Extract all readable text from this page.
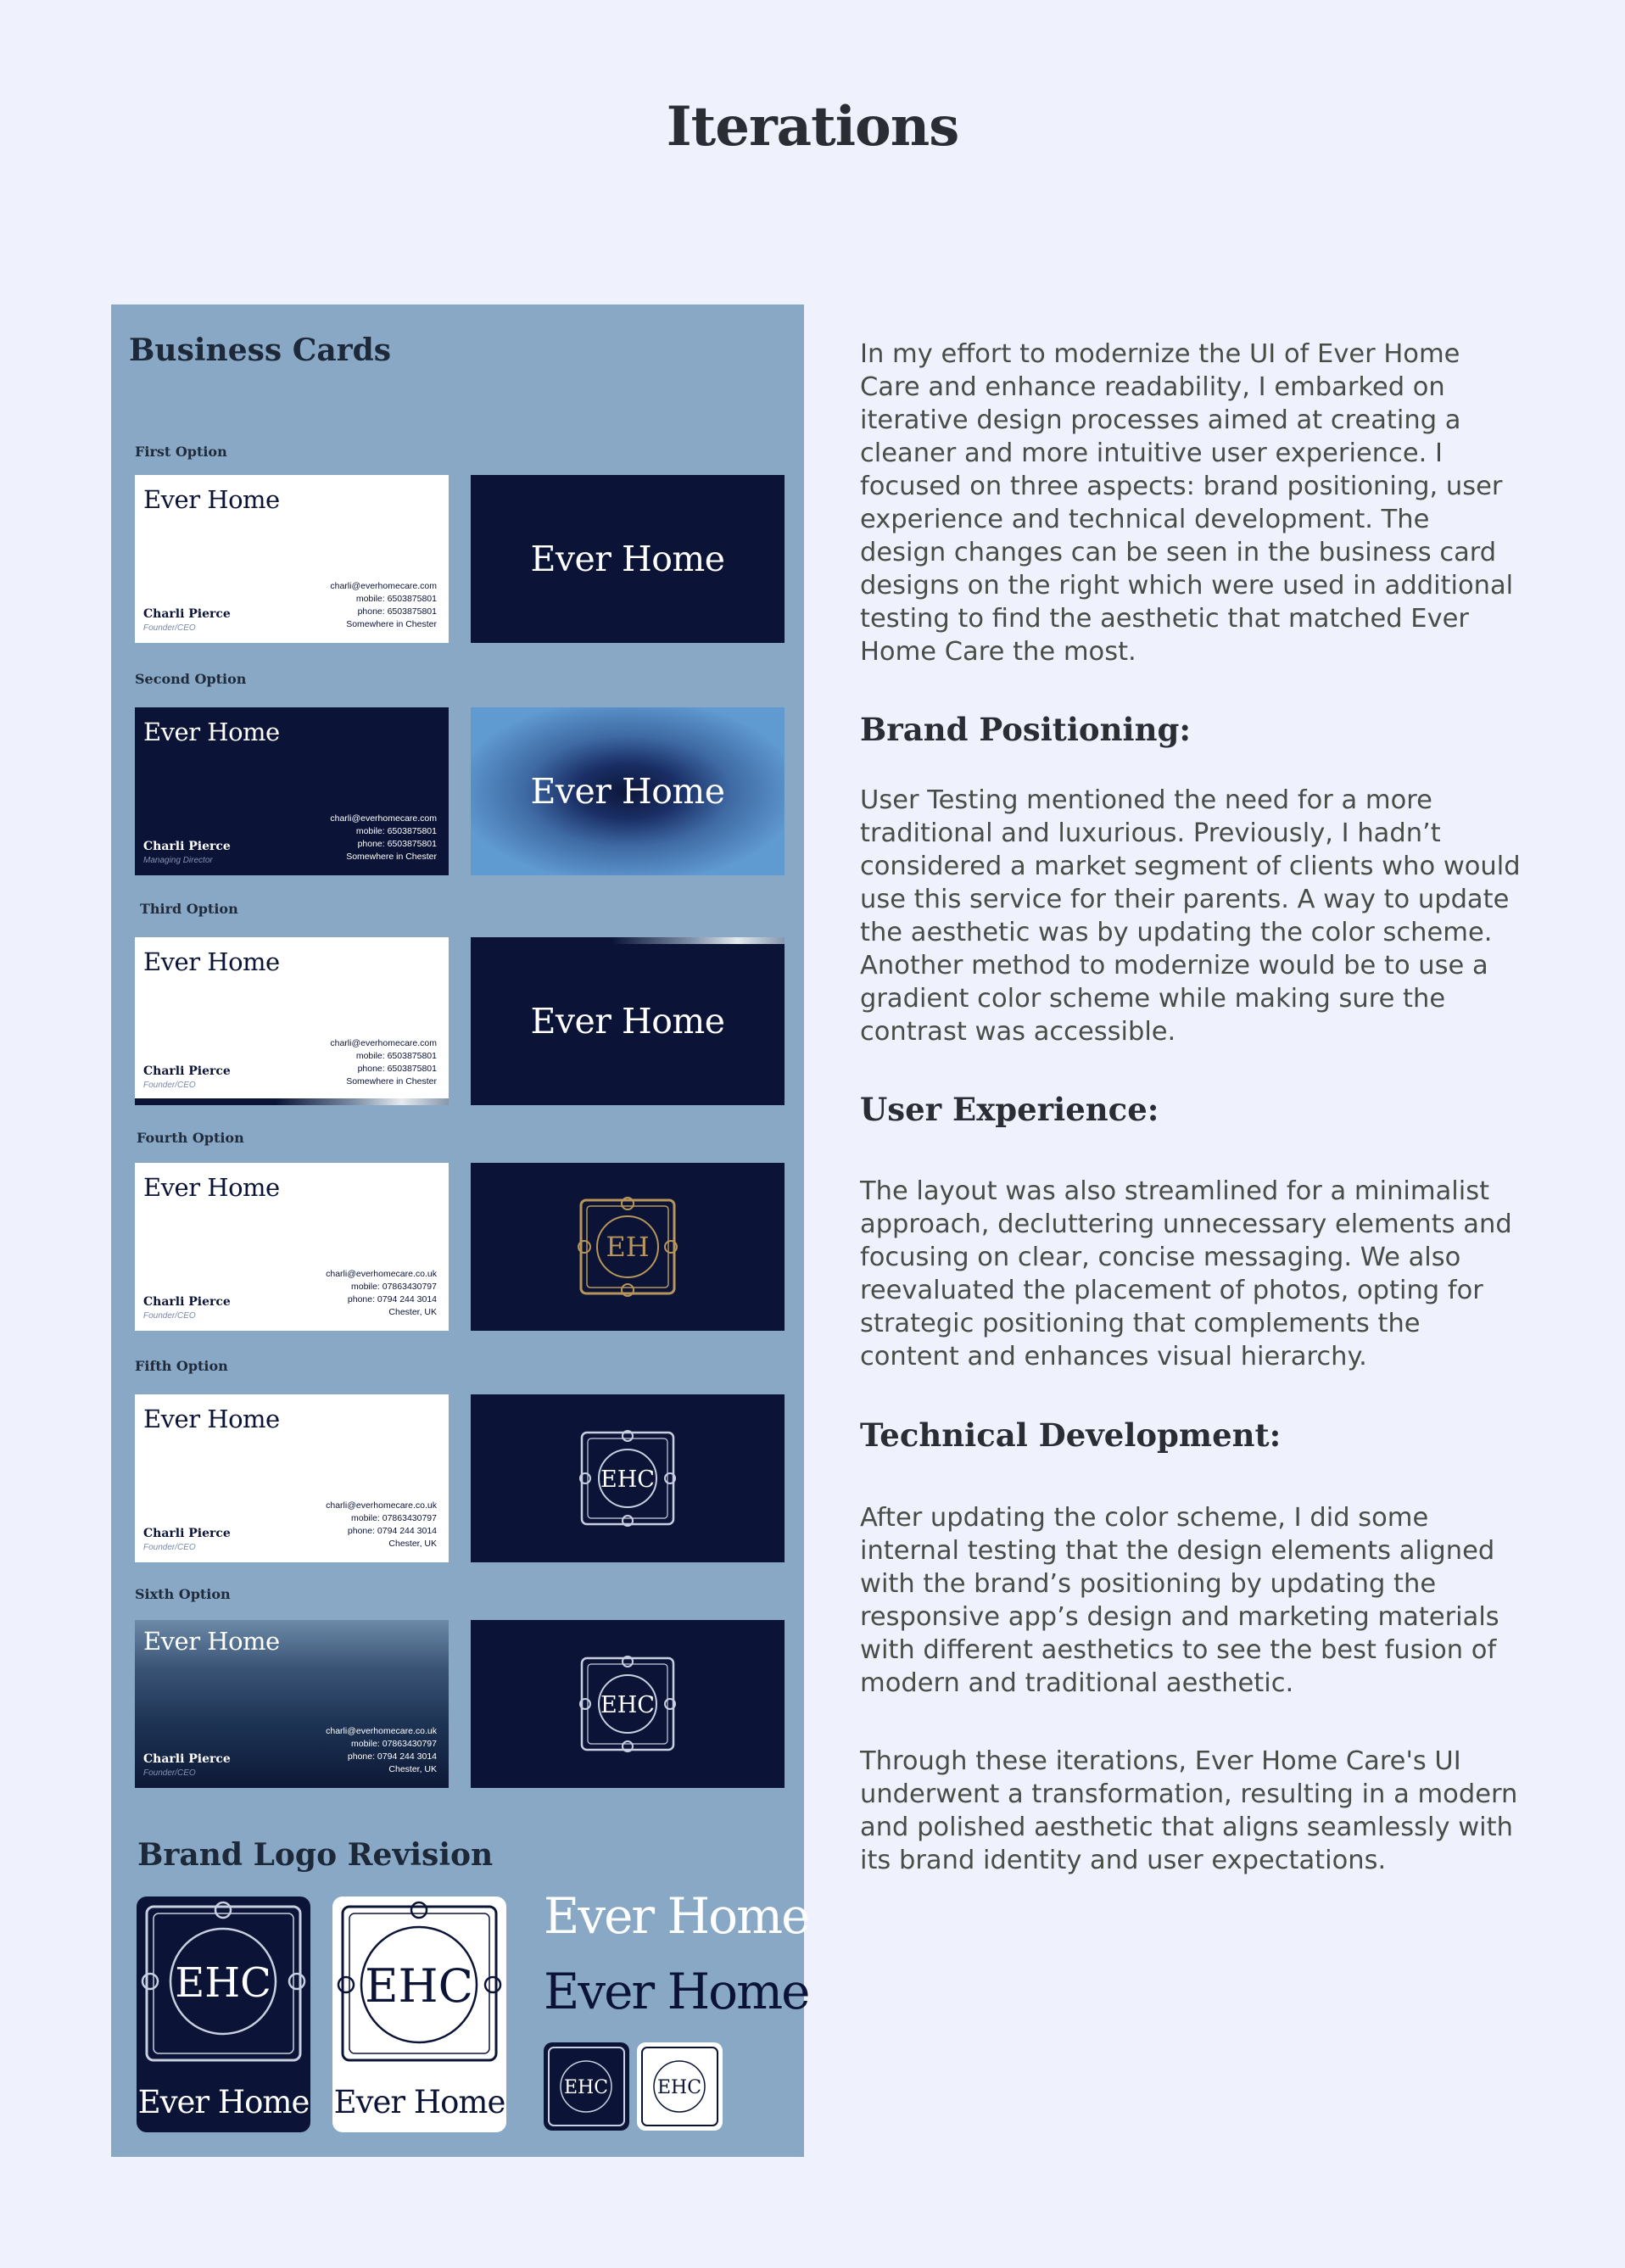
Iterations
Business Cards
First Option
Ever Home
Charli Pierce
Founder/CEO
charli@everhomecare.com
mobile: 6503875801
phone: 6503875801
Somewhere in Chester
Ever Home
Second Option
Ever Home
Charli Pierce
Managing Director
charli@everhomecare.com
mobile: 6503875801
phone: 6503875801
Somewhere in Chester
Ever Home
Third Option
Ever Home
Charli Pierce
Founder/CEO
charli@everhomecare.com
mobile: 6503875801
phone: 6503875801
Somewhere in Chester
Ever Home
Fourth Option
Ever Home
Charli Pierce
Founder/CEO
charli@everhomecare.co.uk
mobile: 07863430797
phone: 0794 244 3014
Chester, UK
EH
Fifth Option
Ever Home
Charli Pierce
Founder/CEO
charli@everhomecare.co.uk
mobile: 07863430797
phone: 0794 244 3014
Chester, UK
EHC
Sixth Option
Ever Home
Charli Pierce
Founder/CEO
charli@everhomecare.co.uk
mobile: 07863430797
phone: 0794 244 3014
Chester, UK
EHC
Brand Logo Revision
EHC
Ever Home
EHC
Ever Home
Ever Home
Ever Home
EHC	EHC

In my effort to modernize the UI of Ever Home Care and enhance readability, I embarked on iterative design processes aimed at creating a cleaner and more intuitive user experience. I focused on three aspects: brand positioning, user experience and technical development. The design changes can be seen in the business card designs on the right which were used in additional testing to find the aesthetic that matched Ever Home Care the most.

Brand Positioning:

User Testing mentioned the need for a more traditional and luxurious. Previously, I hadn’t considered a market segment of clients who would use this service for their parents. A way to update the aesthetic was by updating the color scheme. Another method to modernize would be to use a gradient color scheme while making sure the contrast was accessible.

User Experience:

The layout was also streamlined for a minimalist approach, decluttering unnecessary elements and focusing on clear, concise messaging. We also reevaluated the placement of photos, opting for strategic positioning that complements the content and enhances visual hierarchy.

Technical Development:

After updating the color scheme, I did some internal testing that the design elements aligned with the brand’s positioning by updating the responsive app’s design and marketing materials with different aesthetics to see the best fusion of modern and traditional aesthetic.

Through these iterations, Ever Home Care's UI underwent a transformation, resulting in a modern and polished aesthetic that aligns seamlessly with its brand identity and user expectations.
